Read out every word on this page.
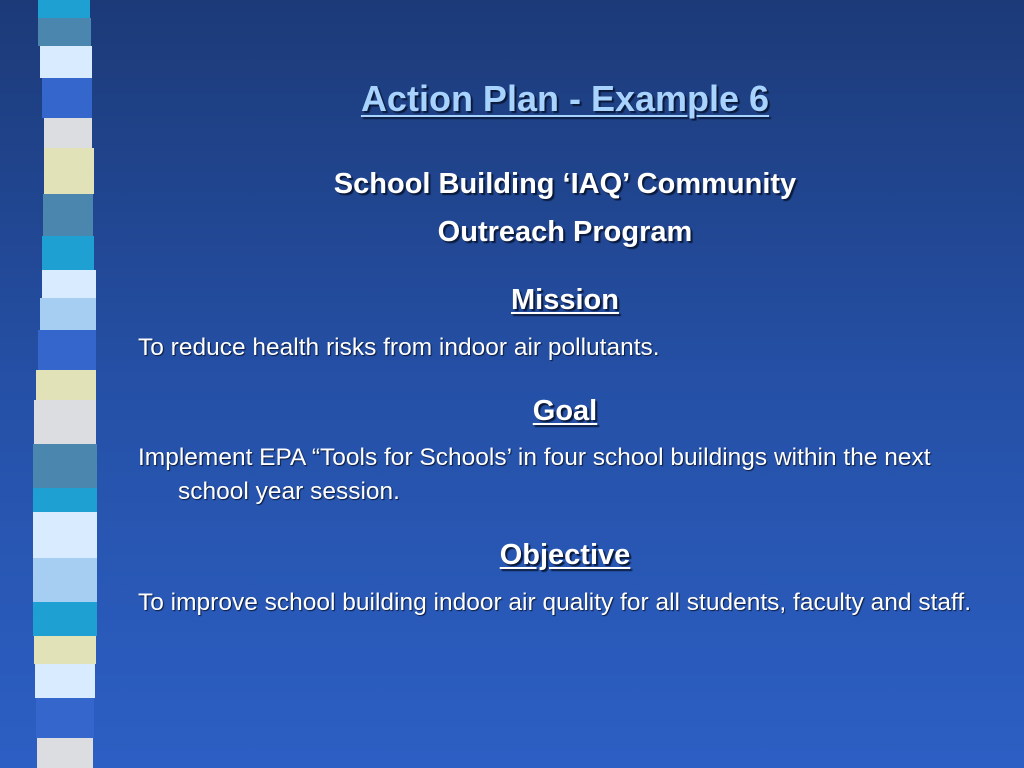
Action Plan - Example 6
School Building ‘IAQ’ Community
Outreach Program
Mission

To reduce health risks from indoor air pollutants.

Goal

Implement EPA “Tools for Schools’ in four school buildings within the next school year session.

Objective

To improve school building indoor air quality for all students, faculty and staff.
